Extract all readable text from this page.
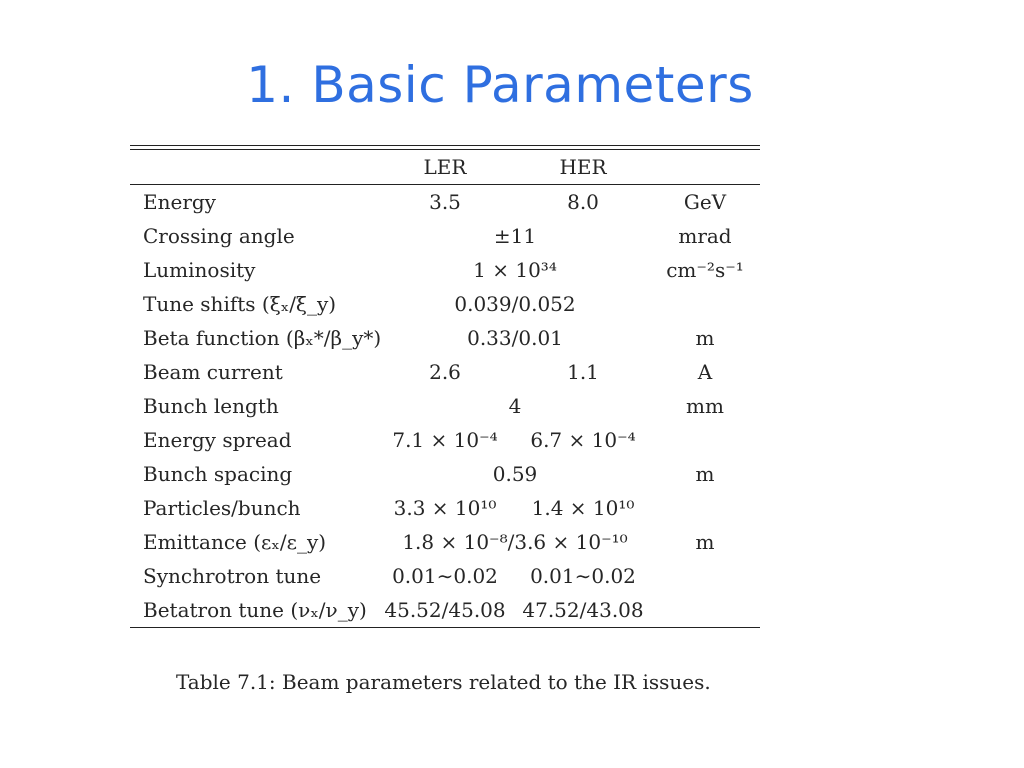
1. Basic Parameters
LER	HER
Energy	3.5	8.0	GeV
Crossing angle	±11	mrad
Luminosity	1 × 10³⁴	cm⁻²s⁻¹
Tune shifts (ξₓ/ξ_y)	0.039/0.052
Beta function (βₓ*/β_y*)	0.33/0.01	m
Beam current	2.6	1.1	A
Bunch length	4	mm
Energy spread	7.1 × 10⁻⁴	6.7 × 10⁻⁴
Bunch spacing	0.59	m
Particles/bunch	3.3 × 10¹⁰	1.4 × 10¹⁰
Emittance (εₓ/ε_y)	1.8 × 10⁻⁸/3.6 × 10⁻¹⁰	m
Synchrotron tune	0.01∼0.02	0.01∼0.02
Betatron tune (νₓ/ν_y) 45.52/45.08 47.52/43.08
Table 7.1: Beam parameters related to the IR issues.
